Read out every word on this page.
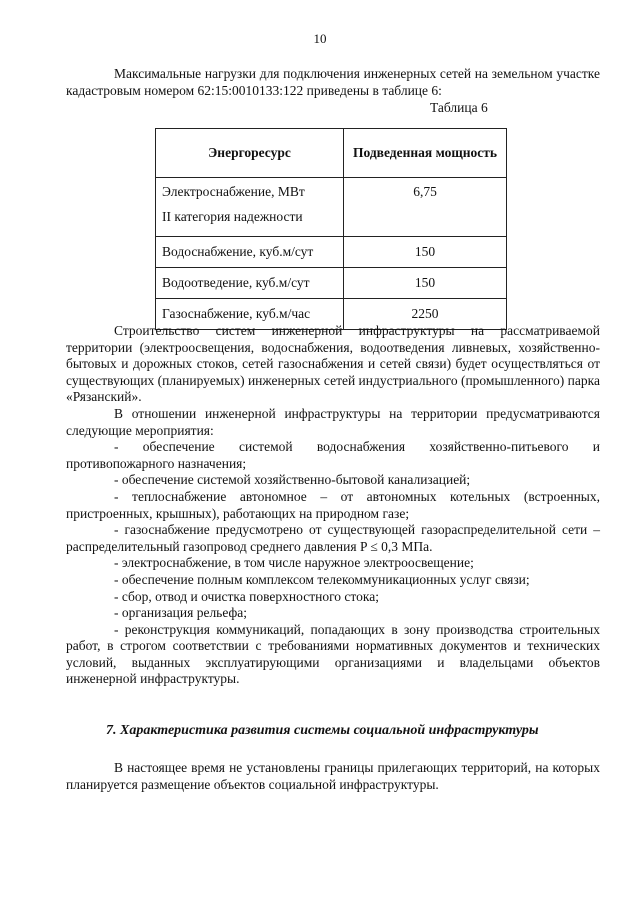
10

Максимальные нагрузки для подключения инженерных сетей на земельном участке кадастровым номером 62:15:0010133:122 приведены в таблице 6:

Таблица 6
Энергоресурс	Подведенная мощность

Электроснабжение, МВт
II категория надежности	6,75
Водоснабжение, куб.м/сут	150
Водоотведение, куб.м/сут	150
Газоснабжение, куб.м/час	2250

Строительство систем инженерной инфраструктуры на рассматриваемой территории (электроосвещения, водоснабжения, водоотведения ливневых, хозяйственно-бытовых и дорожных стоков, сетей газоснабжения и сетей связи) будет осуществляться от существующих (планируемых) инженерных сетей индустриального (промышленного) парка «Рязанский».

В отношении инженерной инфраструктуры на территории предусматриваются следующие мероприятия:

- обеспечение системой водоснабжения хозяйственно-питьевого и противопожарного назначения;

- обеспечение системой хозяйственно-бытовой канализацией;

- теплоснабжение автономное – от автономных котельных (встроенных, пристроенных, крышных), работающих на природном газе;

- газоснабжение предусмотрено от существующей газораспределительной сети – распределительный газопровод среднего давления P ≤ 0,3 МПа.

- электроснабжение, в том числе наружное электроосвещение;

- обеспечение полным комплексом телекоммуникационных услуг связи;

- сбор, отвод и очистка поверхностного стока;

- организация рельефа;

- реконструкция коммуникаций, попадающих в зону производства строительных работ, в строгом соответствии с требованиями нормативных документов и технических условий, выданных эксплуатирующими организациями и владельцами объектов инженерной инфраструктуры.

7. Характеристика развития системы социальной инфраструктуры

В настоящее время не установлены границы прилегающих территорий, на которых планируется размещение объектов социальной инфраструктуры.
